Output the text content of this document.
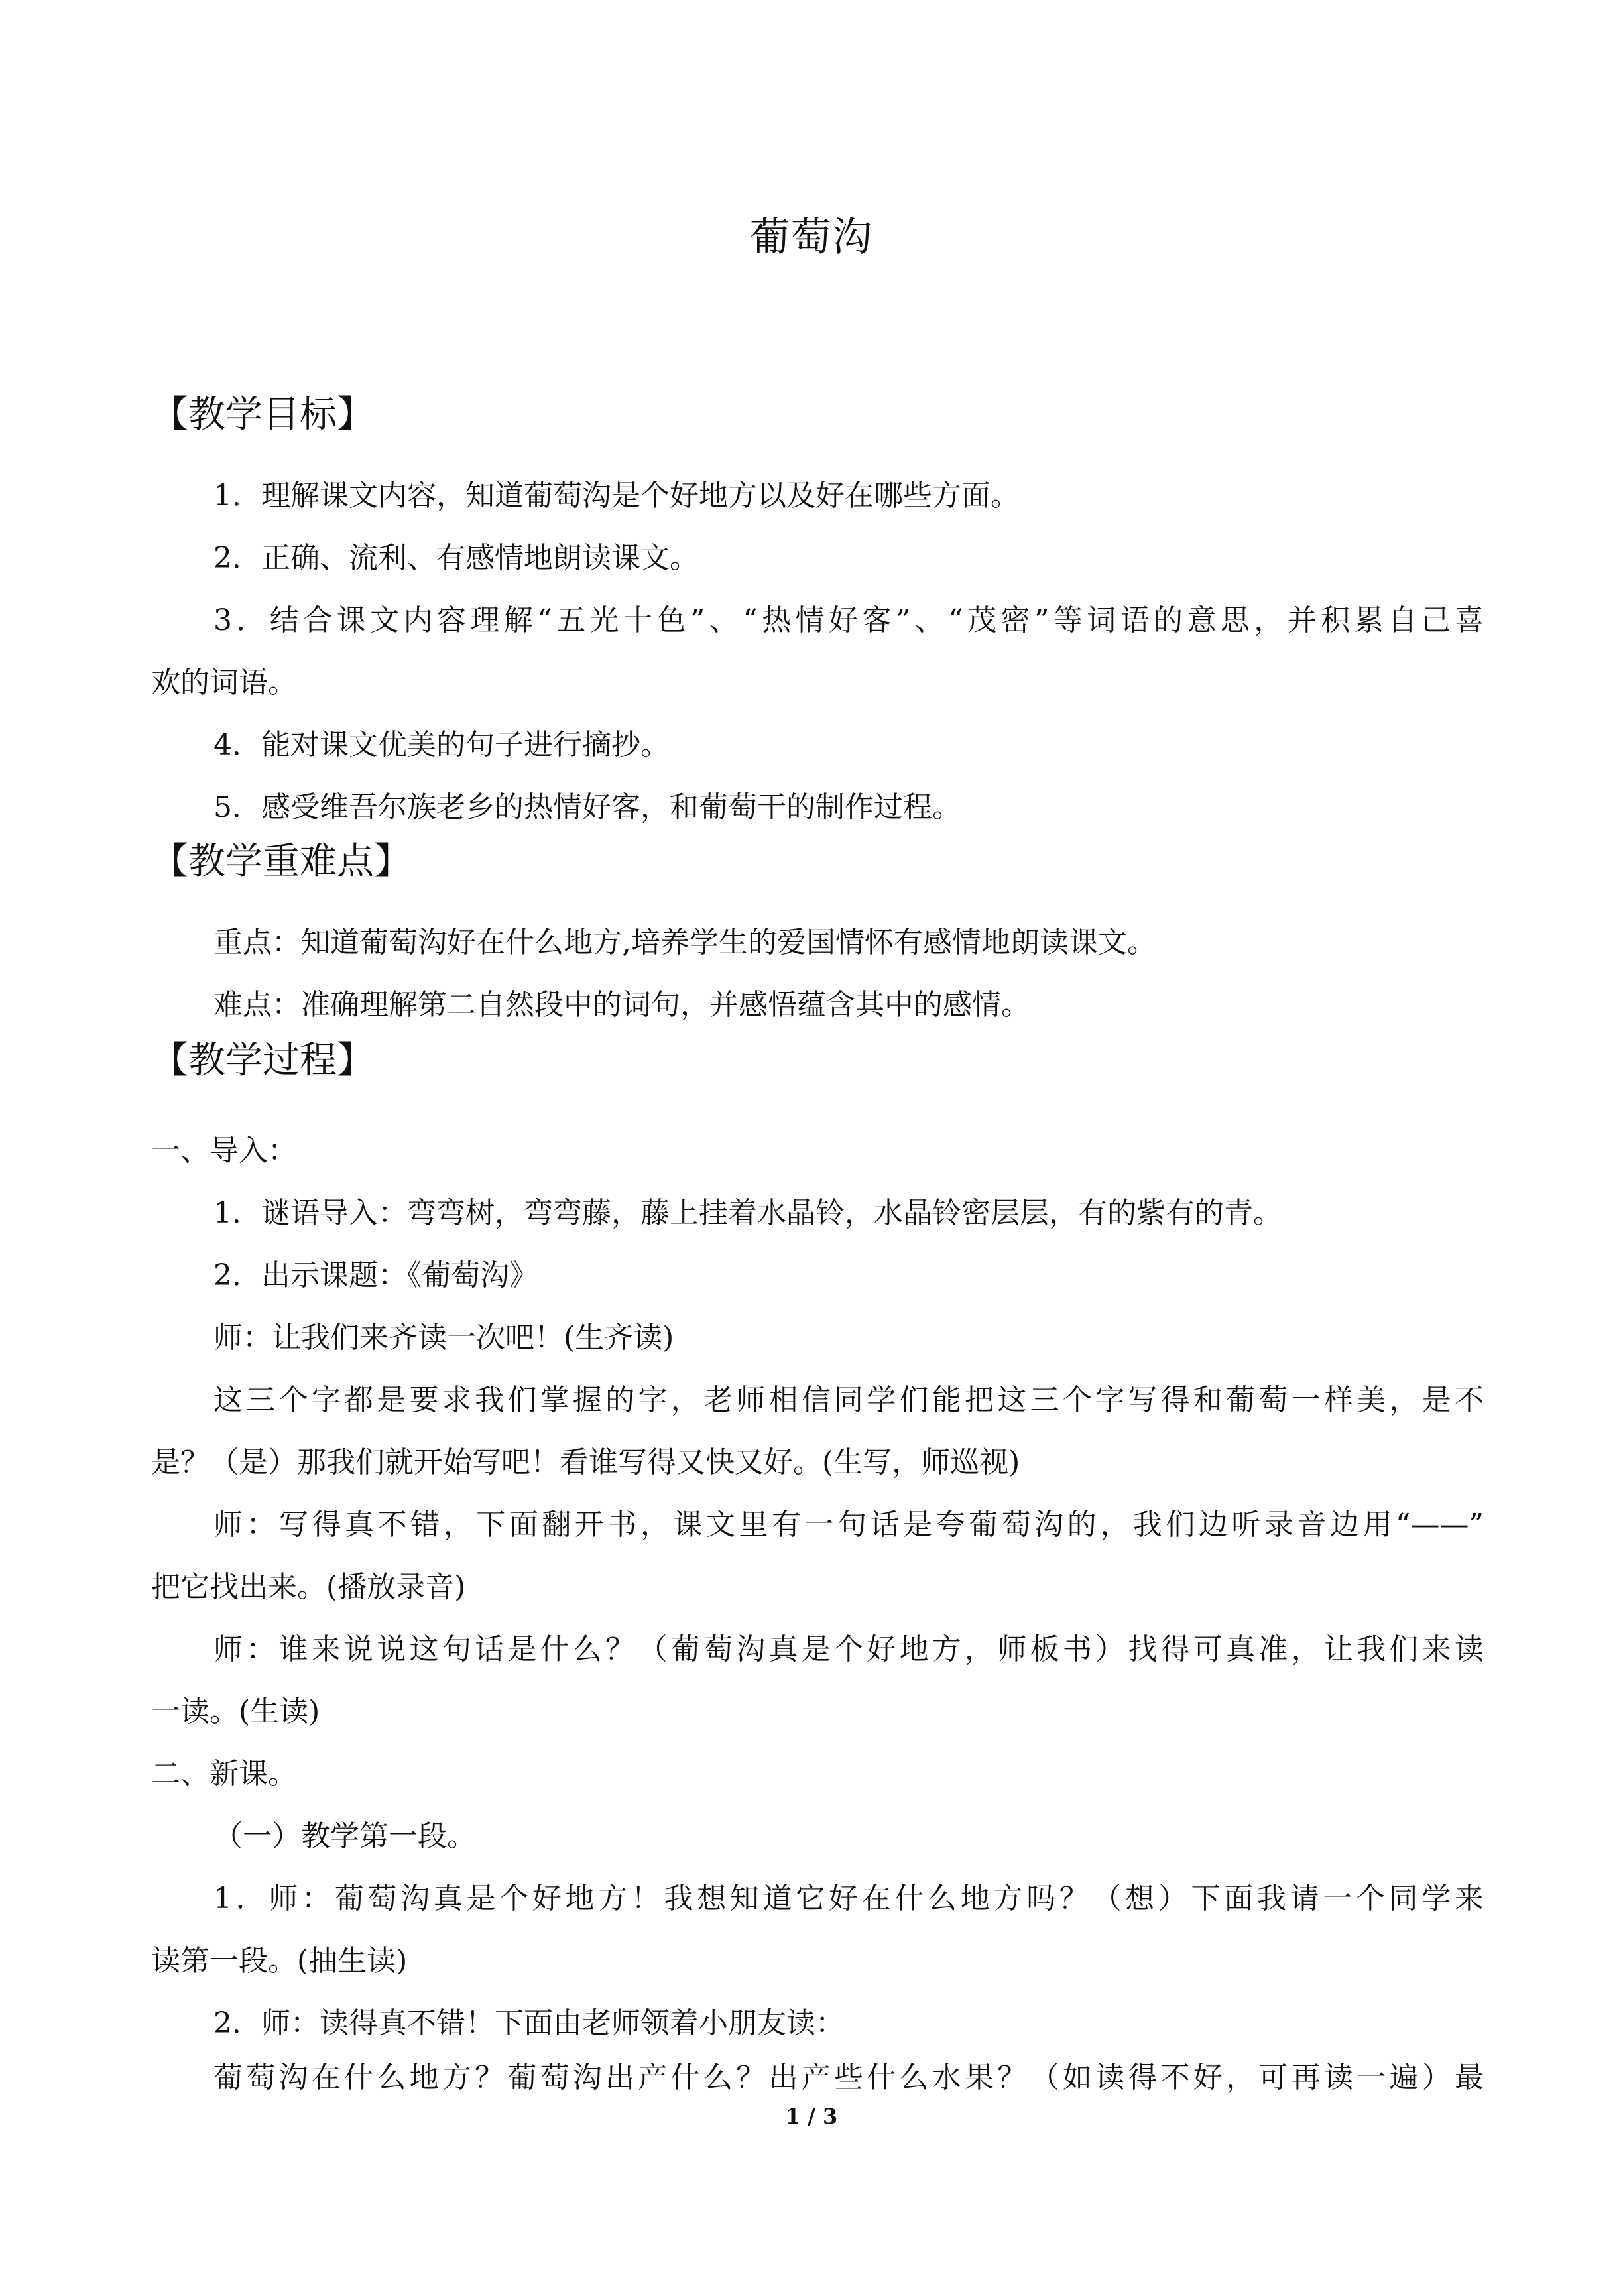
葡萄沟
【教学目标】
1．理解课文内容，知道葡萄沟是个好地方以及好在哪些方面。
2．正确、流利、有感情地朗读课文。
3．结合课文内容理解“五光十色”、“热情好客”、“茂密”等词语的意思，并积累自己喜
欢的词语。
4．能对课文优美的句子进行摘抄。
5．感受维吾尔族老乡的热情好客，和葡萄干的制作过程。
【教学重难点】
重点：知道葡萄沟好在什么地方,培养学生的爱国情怀有感情地朗读课文。
难点：准确理解第二自然段中的词句，并感悟蕴含其中的感情。
【教学过程】
一、导入：
1．谜语导入：弯弯树，弯弯藤，藤上挂着水晶铃，水晶铃密层层，有的紫有的青。
2．出示课题：《葡萄沟》
师：让我们来齐读一次吧！(生齐读)
这三个字都是要求我们掌握的字，老师相信同学们能把这三个字写得和葡萄一样美，是不
是？（是）那我们就开始写吧！看谁写得又快又好。(生写，师巡视)
师：写得真不错，下面翻开书，课文里有一句话是夸葡萄沟的，我们边听录音边用“——”
把它找出来。(播放录音)
师：谁来说说这句话是什么？（葡萄沟真是个好地方，师板书）找得可真准，让我们来读
一读。(生读)
二、新课。
（一）教学第一段。
1．师：葡萄沟真是个好地方！我想知道它好在什么地方吗？（想）下面我请一个同学来
读第一段。(抽生读)
2．师：读得真不错！下面由老师领着小朋友读：
葡萄沟在什么地方？葡萄沟出产什么？出产些什么水果？（如读得不好，可再读一遍）最
1 / 3
